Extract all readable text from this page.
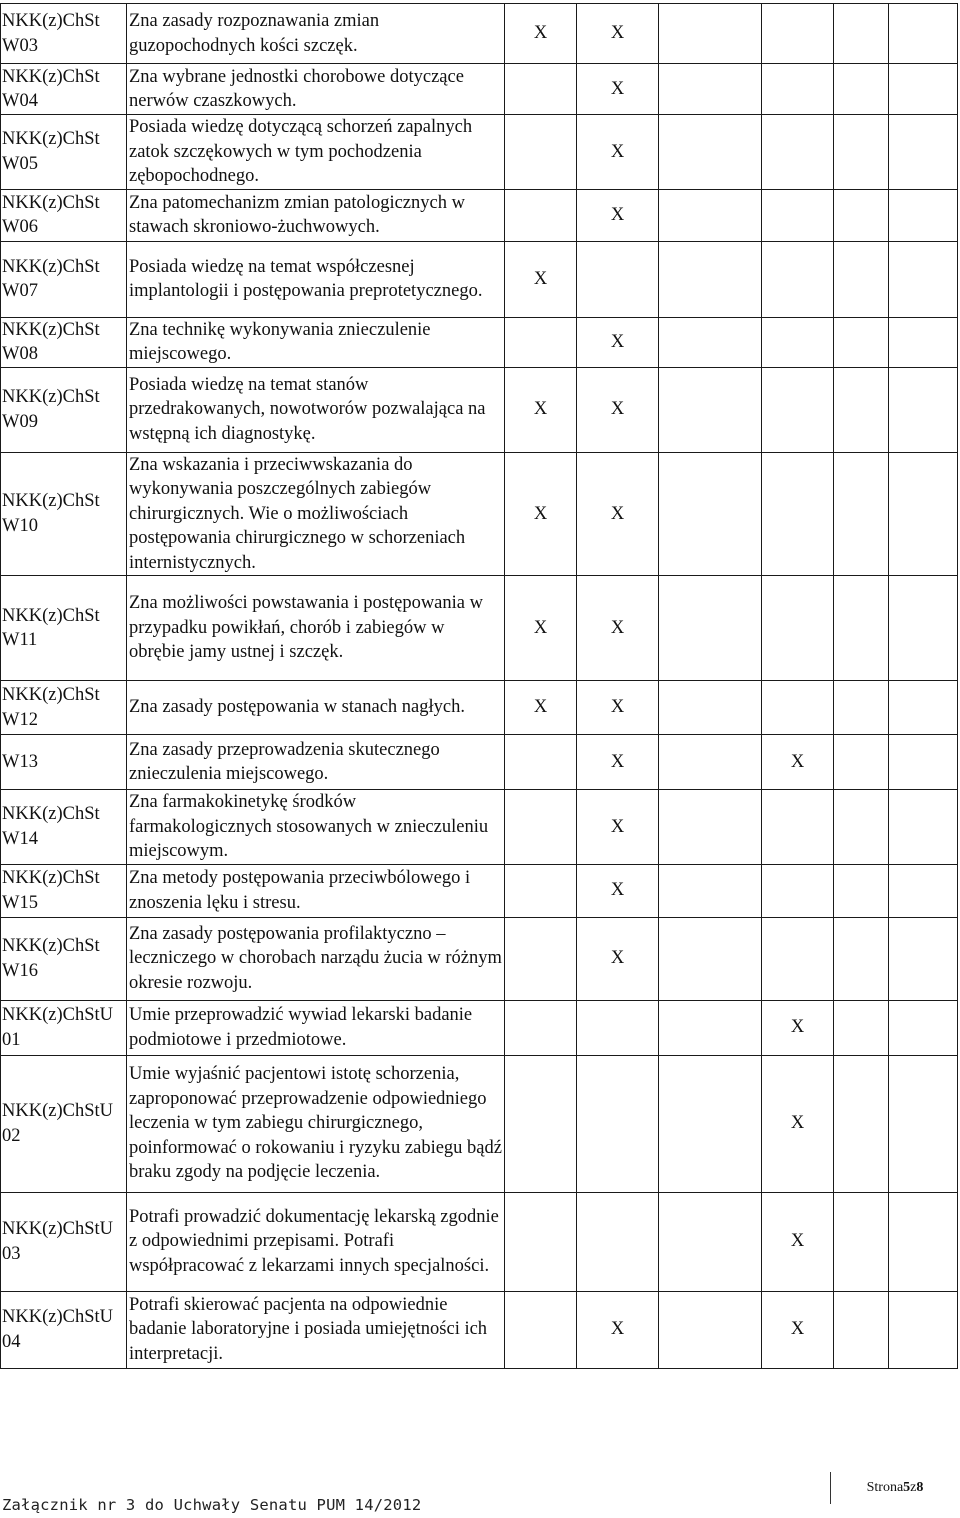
NKK(z)ChSt
W03	Zna zasady rozpoznawania zmian guzopochodnych kości szczęk.	X	X				

NKK(z)ChSt
W04	Zna wybrane jednostki chorobowe dotyczące nerwów czaszkowych.		X				

NKK(z)ChSt
W05	Posiada wiedzę dotyczącą schorzeń zapalnych zatok szczękowych w tym pochodzenia zębopochodnego.		X				

NKK(z)ChSt
W06	Zna patomechanizm zmian patologicznych w stawach skroniowo-żuchwowych.		X				

NKK(z)ChSt
W07	Posiada wiedzę na temat współczesnej implantologii i postępowania preprotetycznego.	X					

NKK(z)ChSt
W08	Zna technikę wykonywania znieczulenie miejscowego.		X				

NKK(z)ChSt
W09	Posiada wiedzę na temat stanów przedrakowanych, nowotworów pozwalająca na wstępną ich diagnostykę.	X	X				

NKK(z)ChSt
W10	Zna wskazania i przeciwwskazania do wykonywania poszczególnych zabiegów chirurgicznych. Wie o możliwościach postępowania chirurgicznego w schorzeniach internistycznych.	X	X				

NKK(z)ChSt
W11	Zna możliwości powstawania i postępowania w przypadku powikłań, chorób i zabiegów w obrębie jamy ustnej i szczęk.	X	X				

NKK(z)ChSt
W12	Zna zasady postępowania w stanach nagłych.	X	X				

W13	Zna zasady przeprowadzenia skutecznego znieczulenia miejscowego.		X		X		

NKK(z)ChSt
W14	Zna farmakokinetykę środków farmakologicznych stosowanych w znieczuleniu miejscowym.		X				

NKK(z)ChSt
W15	Zna metody postępowania przeciwbólowego i znoszenia lęku i stresu.		X				

NKK(z)ChSt
W16	Zna zasady postępowania profilaktyczno – leczniczego w chorobach narządu żucia w różnym okresie rozwoju.		X				

NKK(z)ChStU
01	Umie przeprowadzić wywiad lekarski badanie podmiotowe i przedmiotowe.				X		

NKK(z)ChStU
02	Umie wyjaśnić pacjentowi istotę schorzenia, zaproponować przeprowadzenie odpowiedniego leczenia w tym zabiegu chirurgicznego, poinformować o rokowaniu i ryzyku zabiegu bądź braku zgody na podjęcie leczenia.				X		

NKK(z)ChStU
03	Potrafi prowadzić dokumentację lekarską zgodnie z odpowiednimi przepisami. Potrafi współpracować z lekarzami innych specjalności.				X		

NKK(z)ChStU
04	Potrafi skierować pacjenta na odpowiednie badanie laboratoryjne i posiada umiejętności ich interpretacji.		X		X		
Załącznik nr 3 do Uchwały Senatu PUM 14/2012
Strona 5 z 8
